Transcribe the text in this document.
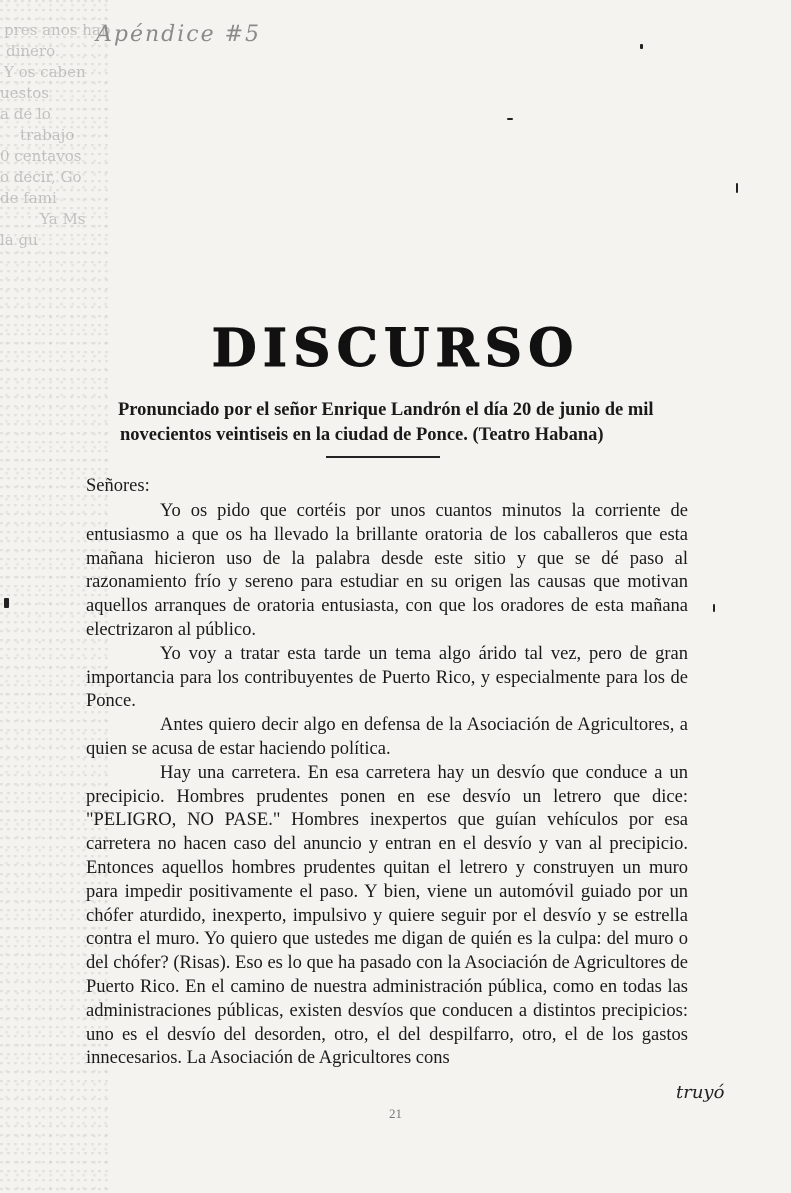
pres anos hab
dinero
Y os caben
uestos
a de lo
trabajo
0 centavos
o decir, Go
de fami
Ya Ms
la gu
Apéndice #5
DISCURSO
Pronunciado por el señor Enrique Landrón el día 20 de junio de mil
novecientos veintiseis en la ciudad de Ponce. (Teatro Habana)
Señores:

Yo os pido que cortéis por unos cuantos minutos la corriente de entusiasmo a que os ha llevado la brillante oratoria de los caballeros que esta mañana hicieron uso de la palabra desde este sitio y que se dé paso al razonamiento frío y sereno para estudiar en su origen las causas que motivan aquellos arranques de oratoria entusiasta, con que los oradores de esta mañana electrizaron al público.

Yo voy a tratar esta tarde un tema algo árido tal vez, pero de gran importancia para los contribuyentes de Puerto Rico, y especialmente para los de Ponce.

Antes quiero decir algo en defensa de la Asociación de Agricultores, a quien se acusa de estar haciendo política.

Hay una carretera. En esa carretera hay un desvío que conduce a un precipicio. Hombres prudentes ponen en ese desvío un letrero que dice: "PELIGRO, NO PASE." Hombres inexpertos que guían vehículos por esa carretera no hacen caso del anuncio y entran en el desvío y van al precipicio. Entonces aquellos hombres prudentes quitan el letrero y construyen un muro para impedir positivamente el paso. Y bien, viene un automóvil guiado por un chófer aturdido, inexperto, impulsivo y quiere seguir por el desvío y se estrella contra el muro. Yo quiero que ustedes me digan de quién es la culpa: del muro o del chófer? (Risas). Eso es lo que ha pasado con la Asociación de Agricultores de Puerto Rico. En el camino de nuestra administración pública, como en todas las administraciones públicas, existen desvíos que conducen a distintos precipicios: uno es el desvío del desorden, otro, el del despilfarro, otro, el de los gastos innecesarios. La Asociación de Agricultores cons

truyó
21
